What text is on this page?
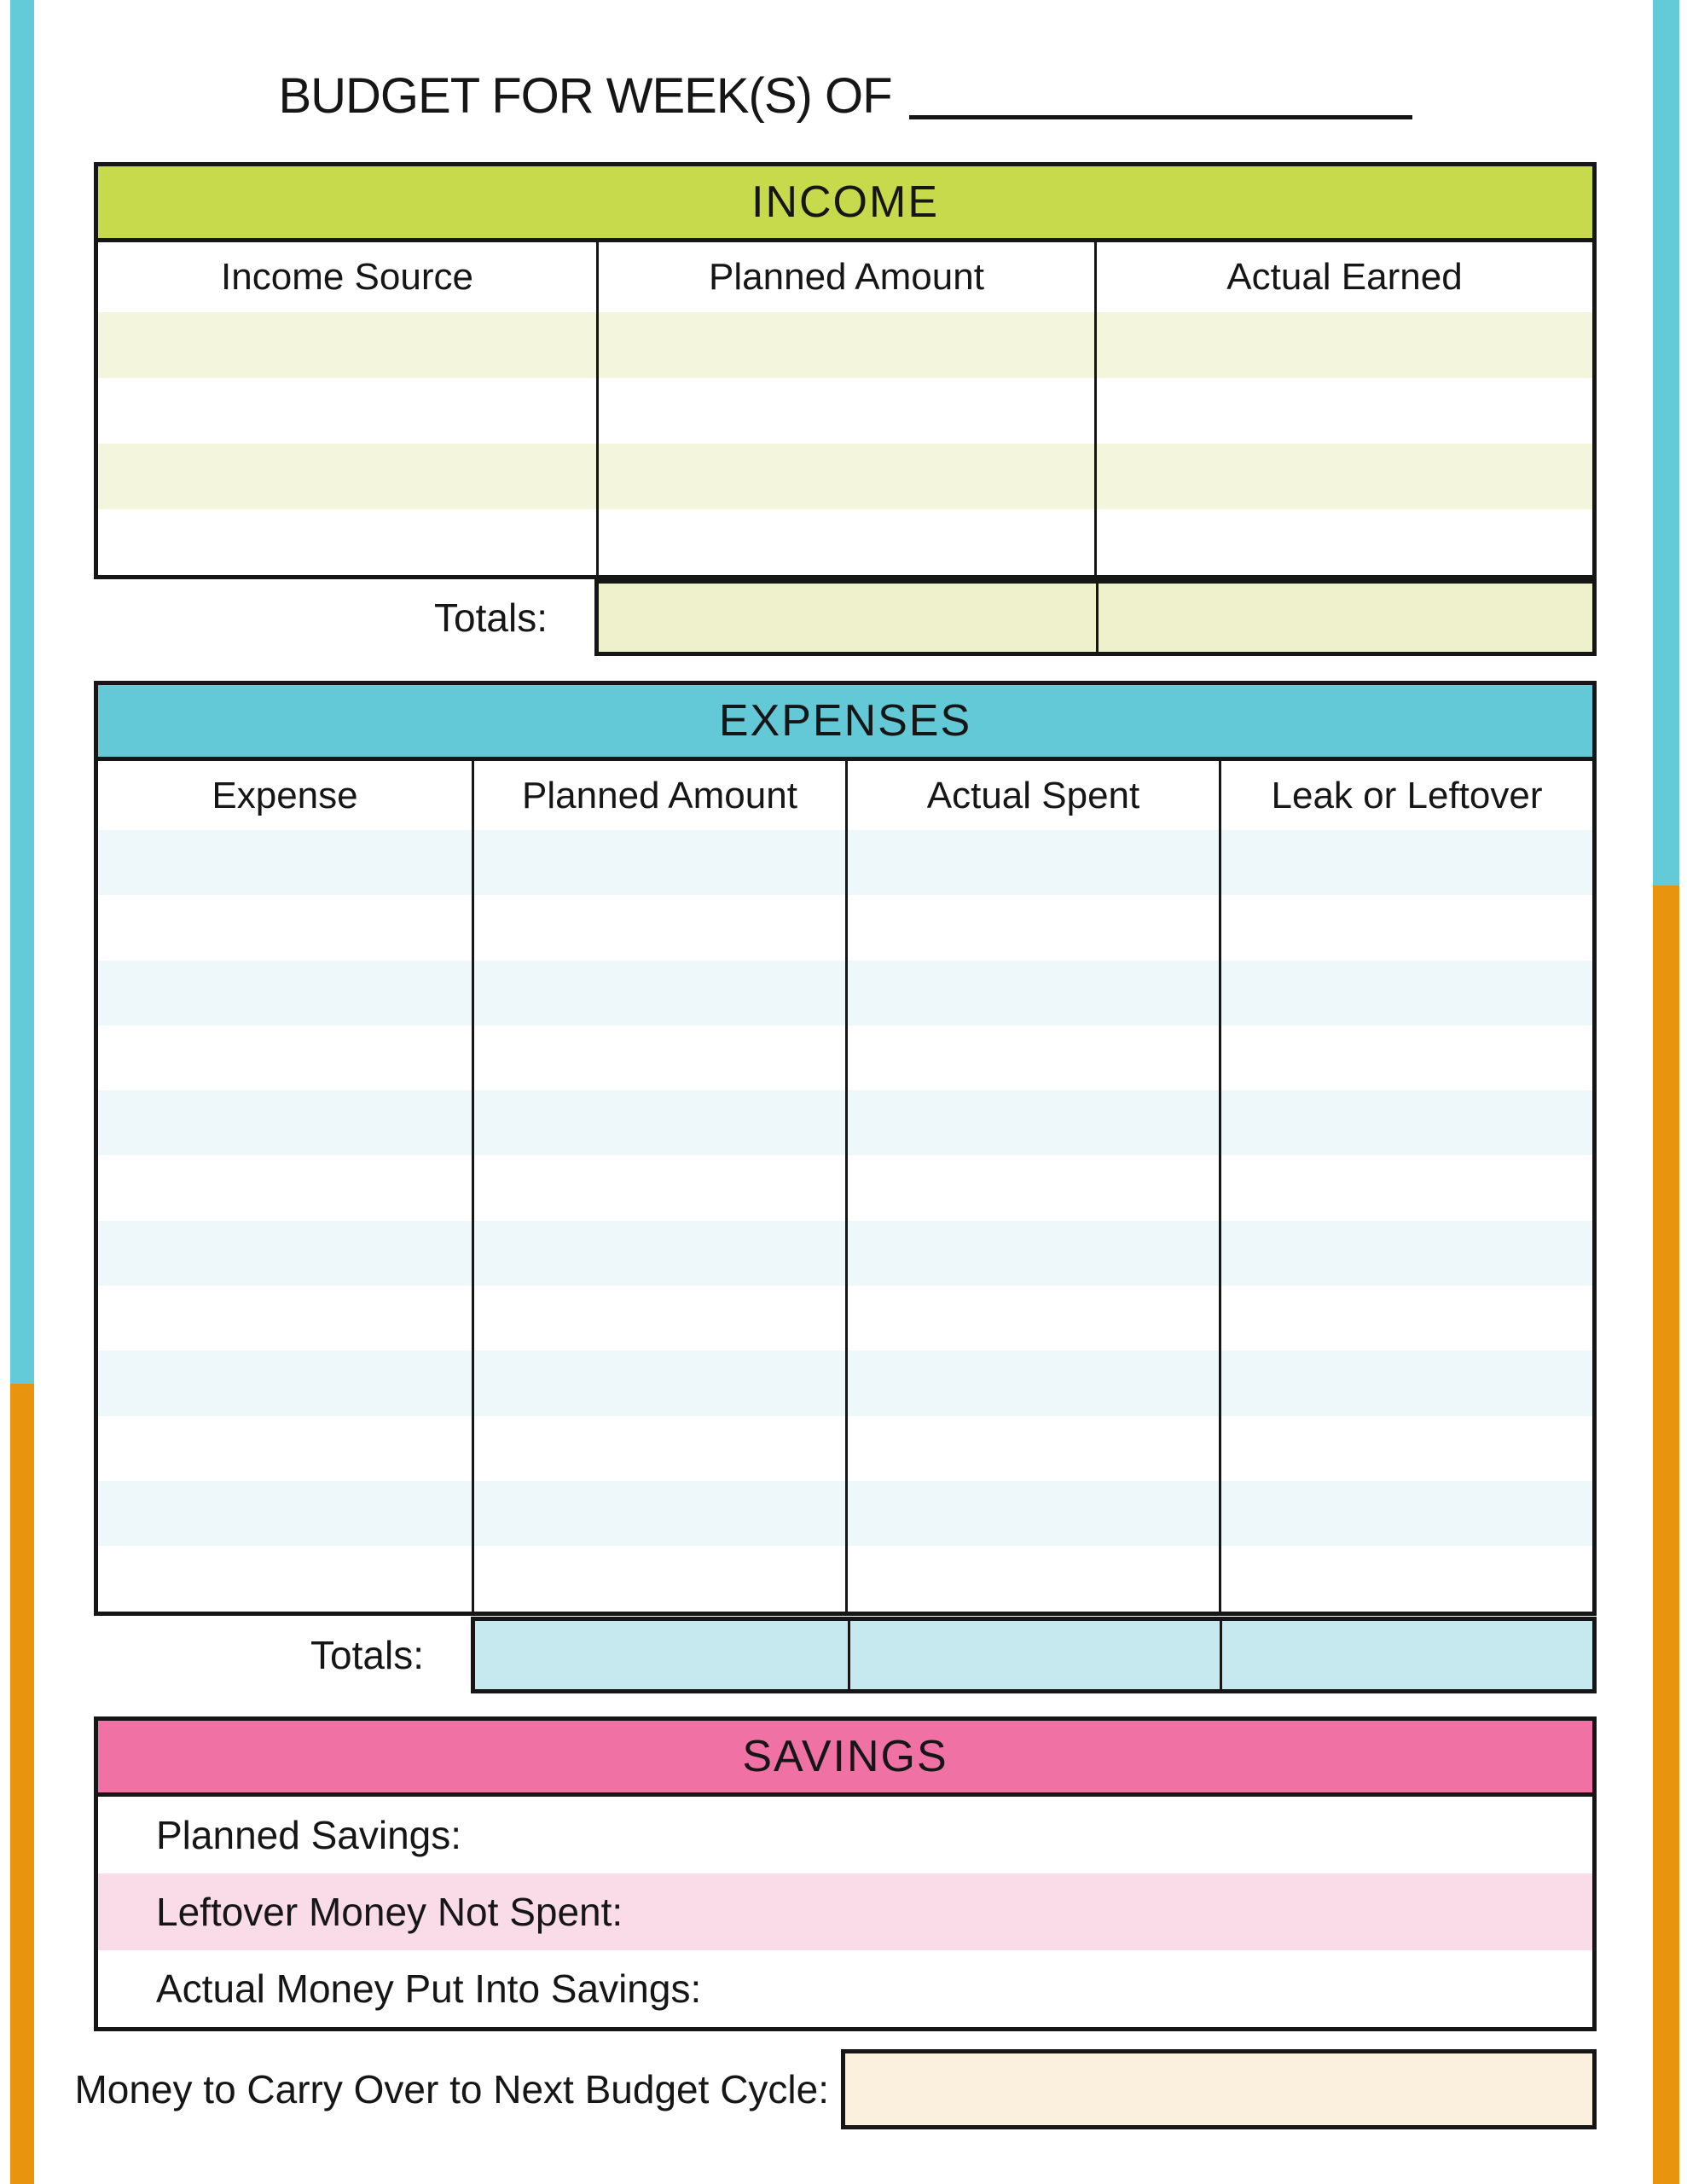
BUDGET FOR WEEK(S) OF
INCOME
Income Source	Planned Amount	Actual Earned
Totals:
EXPENSES
Expense	Planned Amount	Actual Spent	Leak or Leftover
Totals:
SAVINGS
Planned Savings:
Leftover Money Not Spent:
Actual Money Put Into Savings:
Money to Carry Over to Next Budget Cycle:
